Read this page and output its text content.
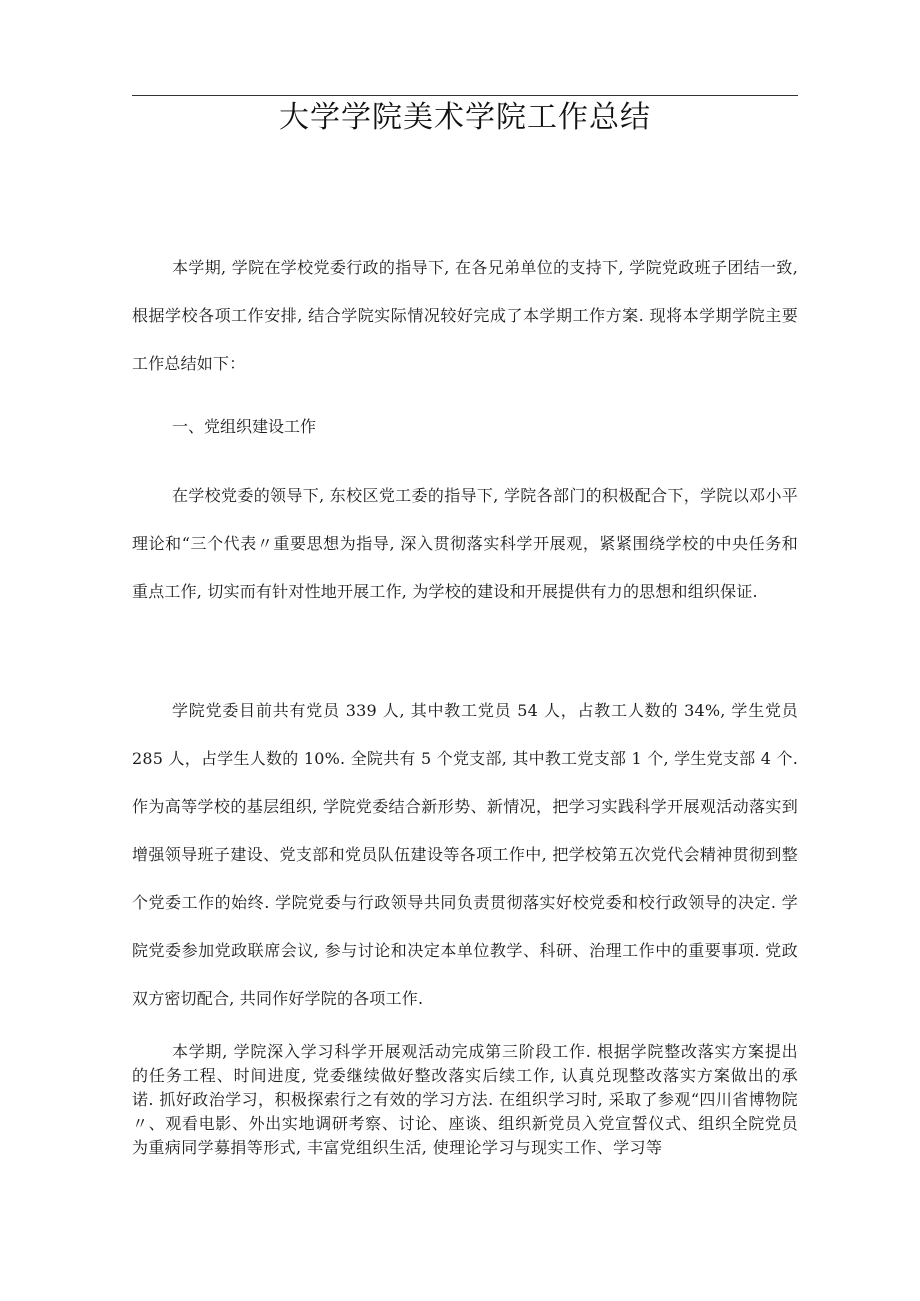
大学学院美术学院工作总结

本学期, 学院在学校党委行政的指导下, 在各兄弟单位的支持下, 学院党政班子团结一致, 根据学校各项工作安排, 结合学院实际情况较好完成了本学期工作方案. 现将本学期学院主要工作总结如下：

一、党组织建设工作

在学校党委的领导下, 东校区党工委的指导下, 学院各部门的积极配合下，学院以邓小平理论和“三个代表〃重要思想为指导, 深入贯彻落实科学开展观，紧紧围绕学校的中央任务和重点工作, 切实而有针对性地开展工作, 为学校的建设和开展提供有力的思想和组织保证.

学院党委目前共有党员 339 人, 其中教工党员 54 人，占教工人数的 34%, 学生党员 285 人，占学生人数的 10%. 全院共有 5 个党支部, 其中教工党支部 1 个, 学生党支部 4 个. 作为高等学校的基层组织, 学院党委结合新形势、新情况，把学习实践科学开展观活动落实到增强领导班子建设、党支部和党员队伍建设等各项工作中, 把学校第五次党代会精神贯彻到整个党委工作的始终. 学院党委与行政领导共同负责贯彻落实好校党委和校行政领导的决定. 学院党委参加党政联席会议, 参与讨论和决定本单位教学、科研、治理工作中的重要事项. 党政双方密切配合, 共同作好学院的各项工作.

本学期, 学院深入学习科学开展观活动完成第三阶段工作. 根据学院整改落实方案提出的任务工程、时间进度, 党委继续做好整改落实后续工作, 认真兑现整改落实方案做出的承诺. 抓好政治学习，积极探索行之有效的学习方法. 在组织学习时, 采取了参观“四川省博物院〃、观看电影、外出实地调研考察、讨论、座谈、组织新党员入党宣誓仪式、组织全院党员为重病同学募捐等形式, 丰富党组织生活, 使理论学习与现实工作、学习等
